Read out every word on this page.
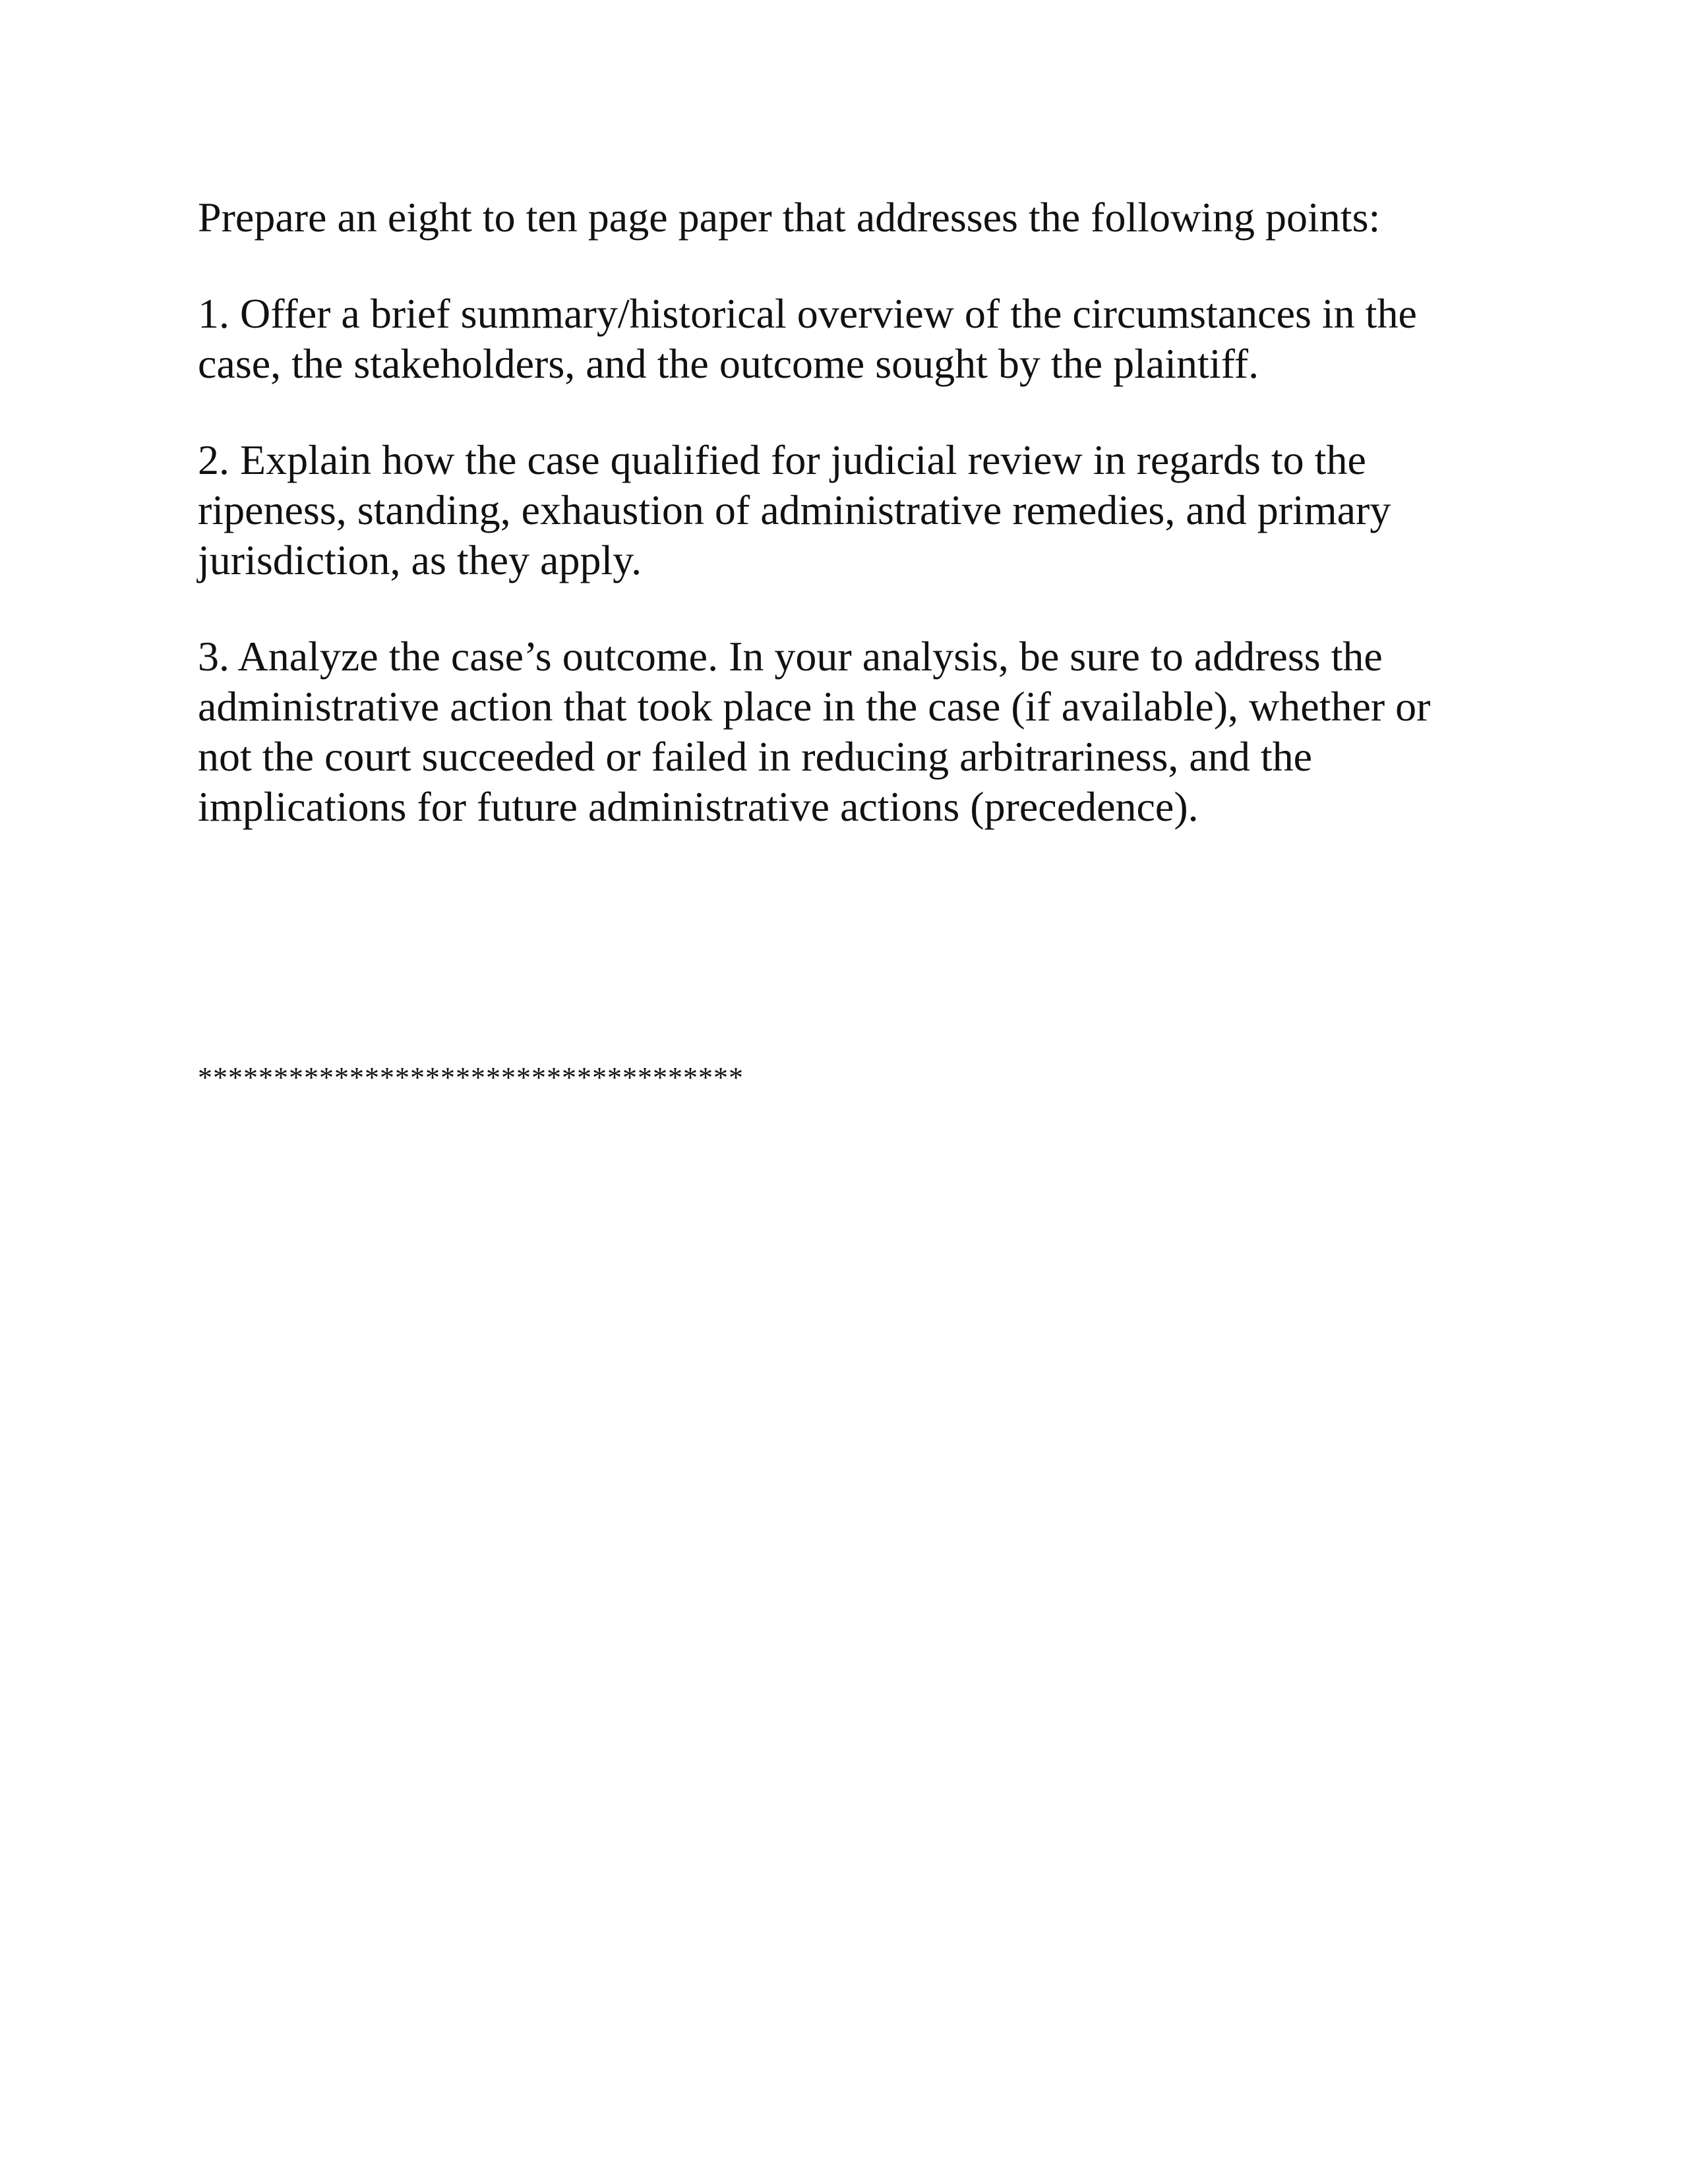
Prepare an eight to ten page paper that addresses the following points:

1. Offer a brief summary/historical overview of the circumstances in the
case, the stakeholders, and the outcome sought by the plaintiff.
2. Explain how the case qualified for judicial review in regards to the
ripeness, standing, exhaustion of administrative remedies, and primary
jurisdiction, as they apply.
3. Analyze the case’s outcome. In your analysis, be sure to address the
administrative action that took place in the case (if available), whether or
not the court succeeded or failed in reducing arbitrariness, and the
implications for future administrative actions (precedence).
************************************
